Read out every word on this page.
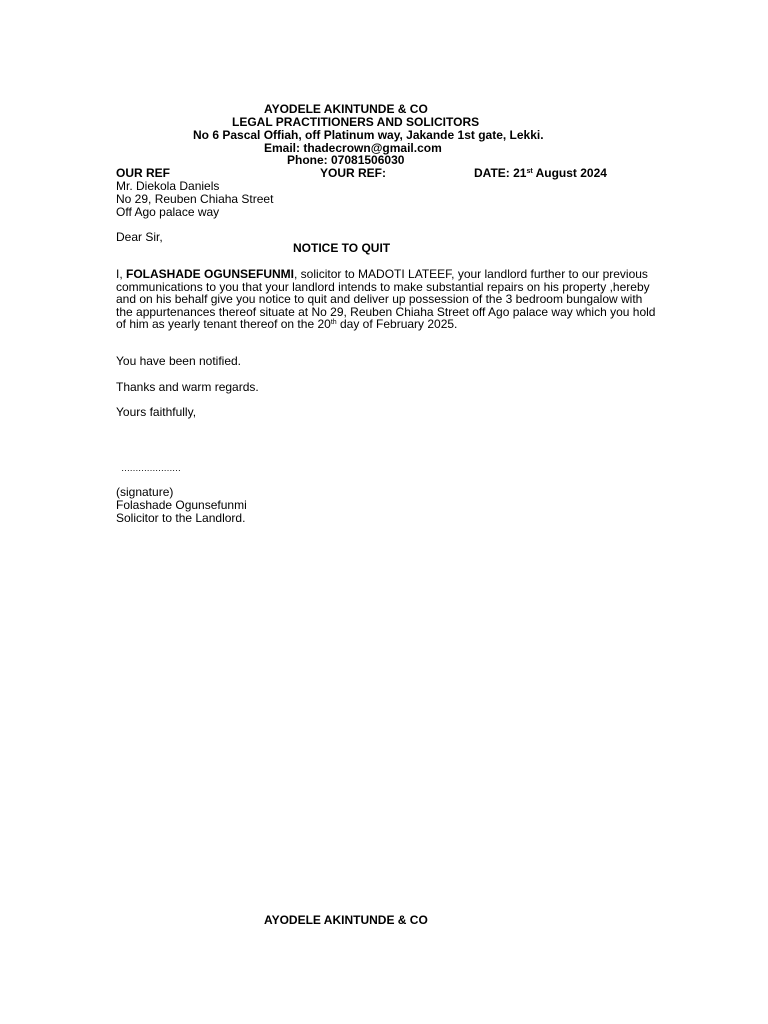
AYODELE AKINTUNDE & CO
LEGAL PRACTITIONERS AND SOLICITORS
No 6 Pascal Offiah, off Platinum way, Jakande 1st gate, Lekki.
Email: thadecrown@gmail.com
Phone: 07081506030
OUR REF	YOUR REF:	DATE: 21st August 2024
Mr. Diekola Daniels
No 29, Reuben Chiaha Street
Off Ago palace way
Dear Sir,
NOTICE TO QUIT
I, FOLASHADE OGUNSEFUNMI, solicitor to MADOTI LATEEF, your landlord further to our previous communications to you that your landlord intends to make substantial repairs on his property ,hereby and on his behalf give you notice to quit and deliver up possession of the 3 bedroom bungalow with the appurtenances thereof situate at No 29, Reuben Chiaha Street off Ago palace way which you hold of him as yearly tenant thereof on the 20th day of February 2025.
You have been notified.
Thanks and warm regards.
Yours faithfully,
…………………
(signature)
Folashade Ogunsefunmi
Solicitor to the Landlord.
AYODELE AKINTUNDE & CO
